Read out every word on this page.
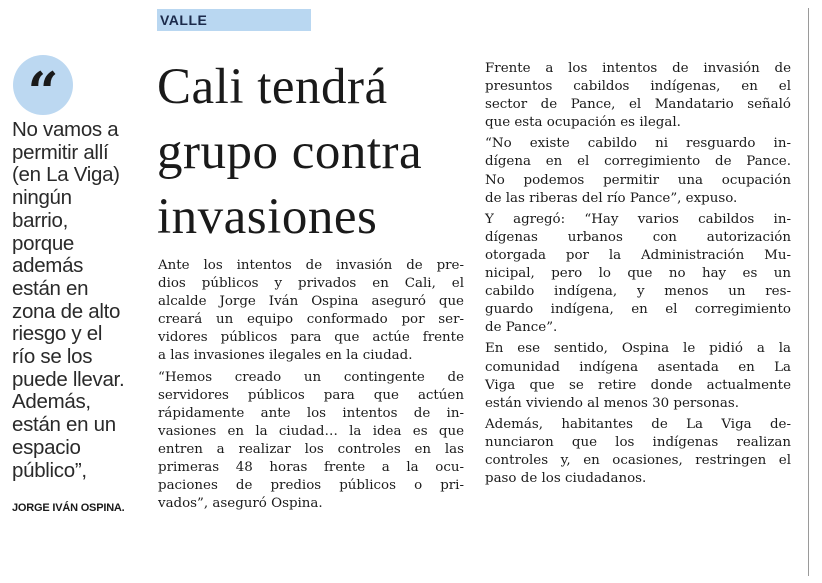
VALLE
“

No vamos a
permitir allí
(en La Viga)
ningún
barrio,
porque
además
están en
zona de alto
riesgo y el
río se los
puede llevar.
Además,
están en un
espacio
público”,

JORGE IVÁN OSPINA.
Cali tendrá
grupo contra
invasiones
Ante los intentos de invasión de pre-
dios públicos y privados en Cali, el
alcalde Jorge Iván Ospina aseguró que
creará un equipo conformado por ser-
vidores públicos para que actúe frente
a las invasiones ilegales en la ciudad.
“Hemos creado un contingente de
servidores públicos para que actúen
rápidamente ante los intentos de in-
vasiones en la ciudad… la idea es que
entren a realizar los controles en las
primeras 48 horas frente a la ocu-
paciones de predios públicos o pri-
vados”, aseguró Ospina.
Frente a los intentos de invasión de
presuntos cabildos indígenas, en el
sector de Pance, el Mandatario señaló
que esta ocupación es ilegal.
“No existe cabildo ni resguardo in-
dígena en el corregimiento de Pance.
No podemos permitir una ocupación
de las riberas del río Pance”, expuso.
Y agregó: “Hay varios cabildos in-
dígenas urbanos con autorización
otorgada por la Administración Mu-
nicipal, pero lo que no hay es un
cabildo indígena, y menos un res-
guardo indígena, en el corregimiento
de Pance”.
En ese sentido, Ospina le pidió a la
comunidad indígena asentada en La
Viga que se retire donde actualmente
están viviendo al menos 30 personas.
Además, habitantes de La Viga de-
nunciaron que los indígenas realizan
controles y, en ocasiones, restringen el
paso de los ciudadanos.
